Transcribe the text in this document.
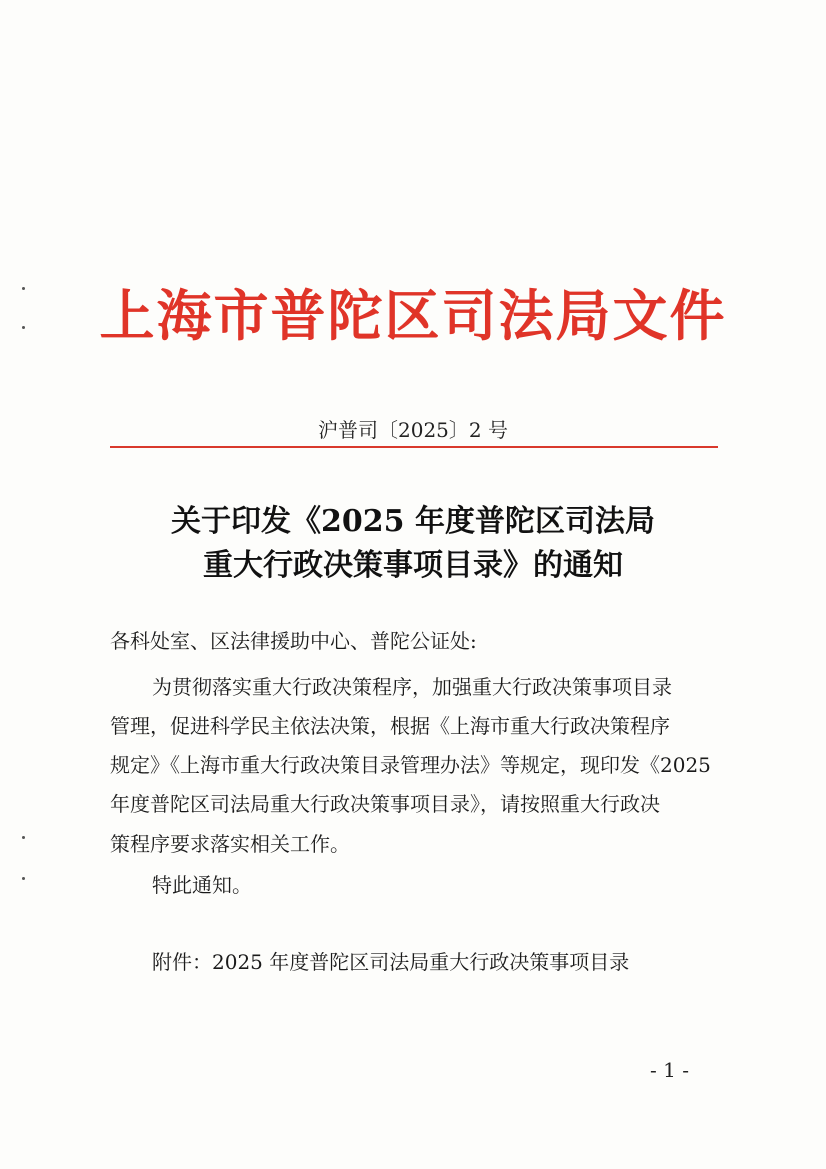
上海市普陀区司法局文件
沪普司〔2025〕2 号
关于印发《2025 年度普陀区司法局
重大行政决策事项目录》的通知
各科处室、区法律援助中心、普陀公证处:
为贯彻落实重大行政决策程序，加强重大行政决策事项目录
管理，促进科学民主依法决策，根据《上海市重大行政决策程序
规定》《上海市重大行政决策目录管理办法》等规定，现印发《2025
年度普陀区司法局重大行政决策事项目录》，请按照重大行政决
策程序要求落实相关工作。
特此通知。
附件：2025 年度普陀区司法局重大行政决策事项目录
- 1 -
